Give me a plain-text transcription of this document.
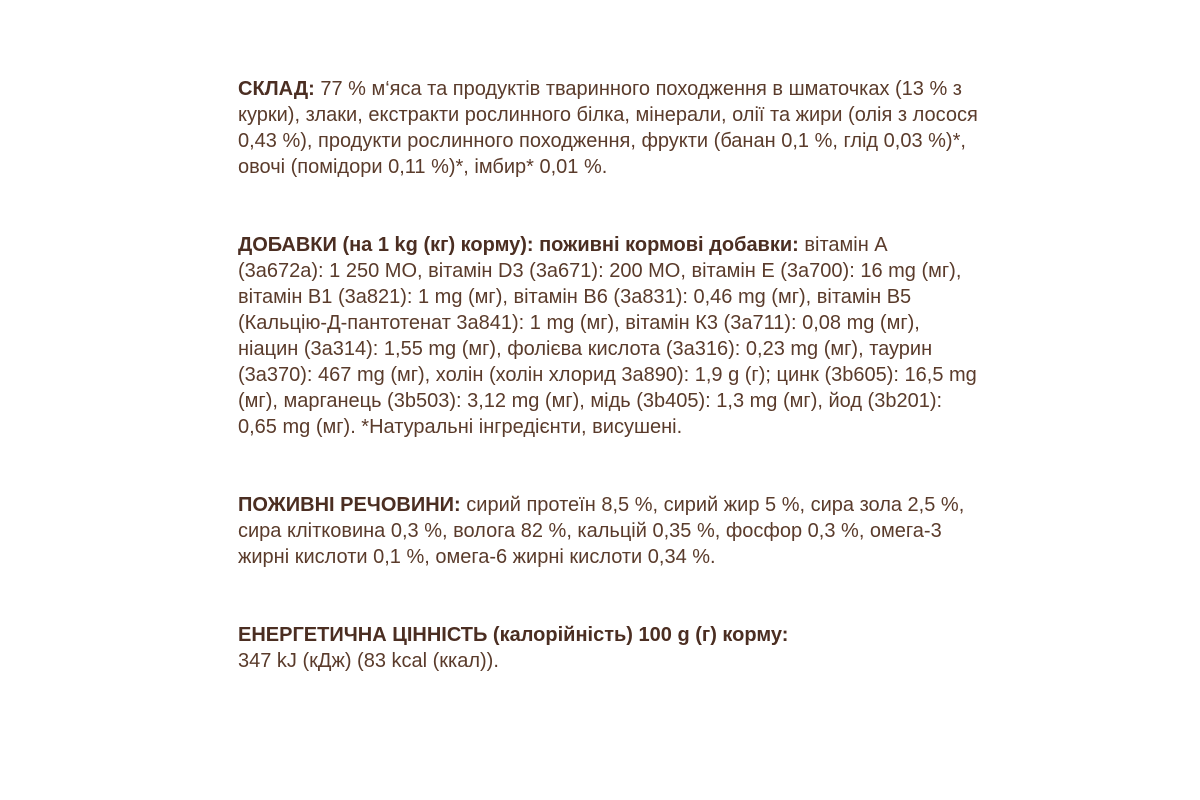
СКЛАД: 77 % м‘яса та продуктів тваринного походження в шматочках (13 % з курки), злаки, екстракти рослинного білка, мінерали, олії та жири (олія з лосося 0,43 %), продукти рослинного походження, фрукти (банан 0,1 %, глід 0,03 %)*, овочі (помідори 0,11 %)*, імбир* 0,01 %.

ДОБАВКИ (на 1 kg (кг) корму): поживні кормові добавки: вітамін А (3а672а): 1 250 МО, вітамін D3 (3а671): 200 МО, вітамін Е (3а700): 16 mg (мг), вітамін В1 (3а821): 1 mg (мг), вітамін В6 (3а831): 0,46 mg (мг), вітамін В5 (Кальцію-Д-пантотенат 3а841): 1 mg (мг), вітамін К3 (3а711): 0,08 mg (мг), ніацин (3а314): 1,55 mg (мг), фолієва кислота (3а316): 0,23 mg (мг), таурин (3а370): 467 mg (мг), холін (холін хлорид 3а890): 1,9 g (г); цинк (3b605): 16,5 mg (мг), марганець (3b503): 3,12 mg (мг), мідь (3b405): 1,3 mg (мг), йод (3b201): 0,65 mg (мг). *Натуральні інгредієнти, висушені.

ПОЖИВНІ РЕЧОВИНИ: сирий протеїн 8,5 %, сирий жир 5 %, сира зола 2,5 %, сира клітковина 0,3 %, волога 82 %, кальцій 0,35 %, фосфор 0,3 %, омега-3 жирні кислоти 0,1 %, омега-6 жирні кислоти 0,34 %.

ЕНЕРГЕТИЧНА ЦІННІСТЬ (калорійність) 100 g (г) корму:
347 kJ (кДж) (83 kcal (ккал)).
